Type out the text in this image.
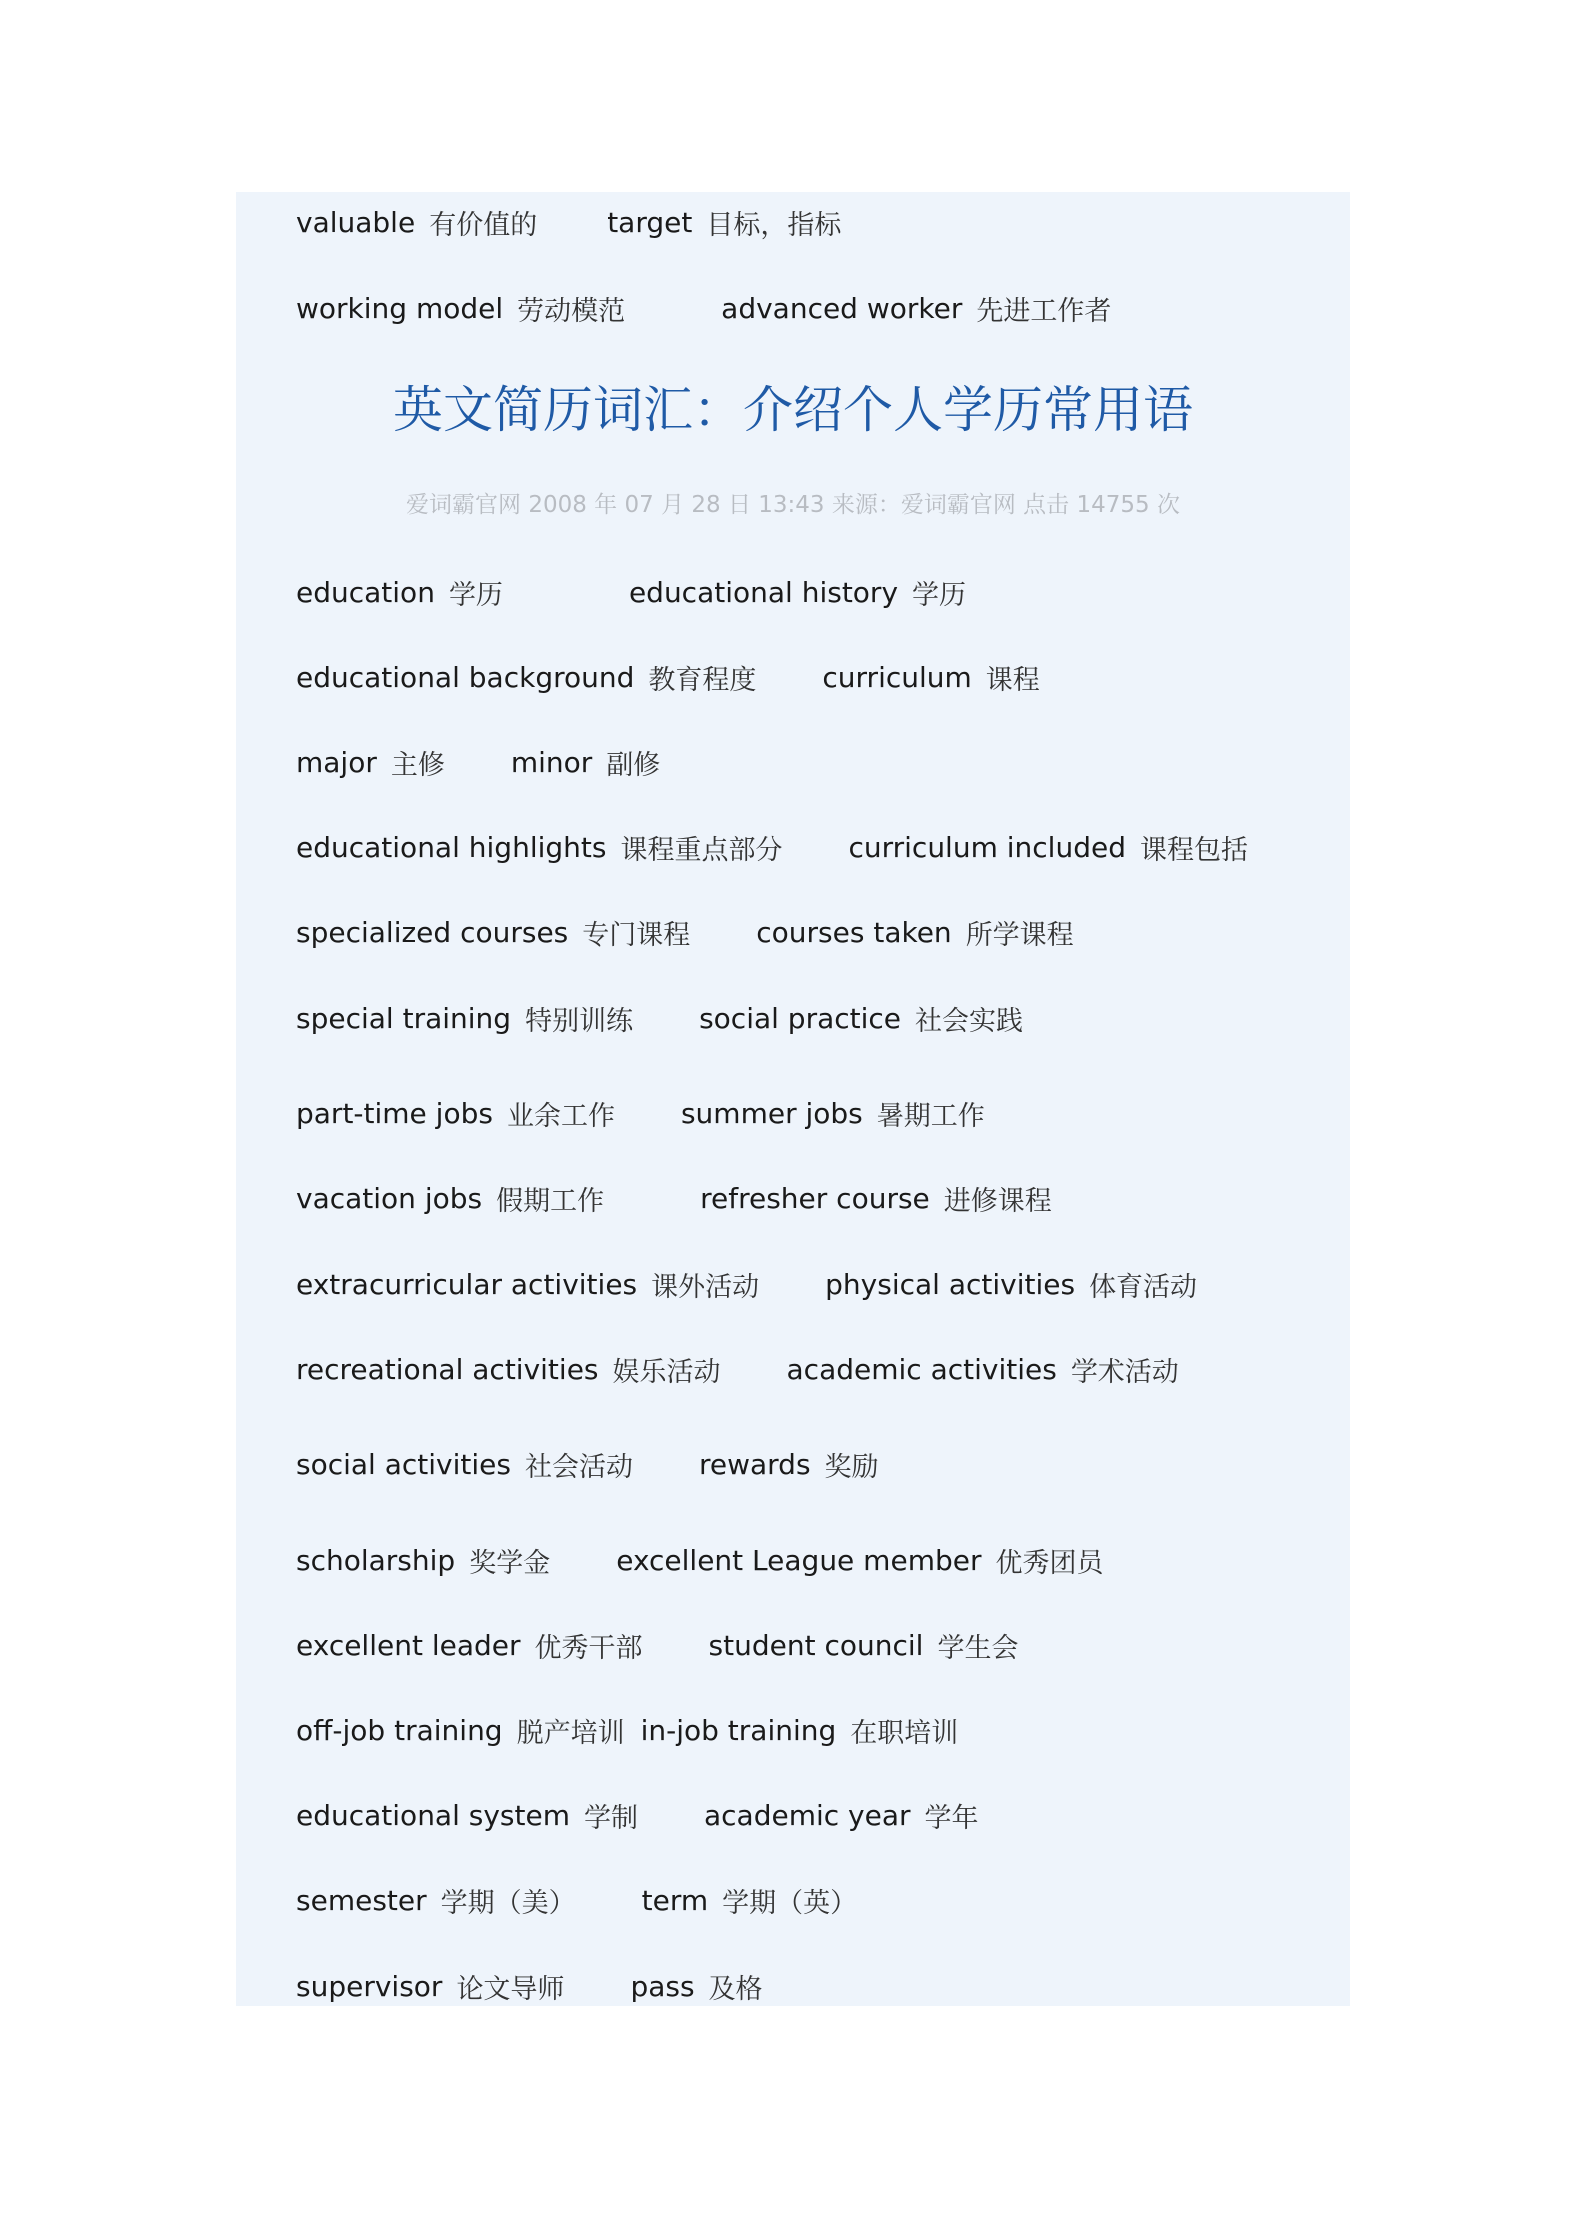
valuable 有价值的	target 目标，指标
working model 劳动模范	advanced worker 先进工作者
英文简历词汇：介绍个人学历常用语
爱词霸官网 2008 年 07 月 28 日 13:43 来源：爱词霸官网 点击 14755 次
education 学历	educational history 学历
educational background 教育程度 curriculum 课程
major 主修 minor 副修
educational highlights 课程重点部分 curriculum included 课程包括
specialized courses 专门课程 courses taken 所学课程
special training 特别训练 social practice 社会实践
part-time jobs 业余工作 summer jobs 暑期工作
vacation jobs 假期工作	refresher course 进修课程
extracurricular activities 课外活动 physical activities 体育活动
recreational activities 娱乐活动 academic activities 学术活动
social activities 社会活动 rewards 奖励
scholarship 奖学金 excellent League member 优秀团员
excellent leader 优秀干部 student council 学生会
off-job training 脱产培训 in-job training 在职培训
educational system 学制 academic year 学年
semester 学期（美） term 学期（英）
supervisor 论文导师 pass 及格
